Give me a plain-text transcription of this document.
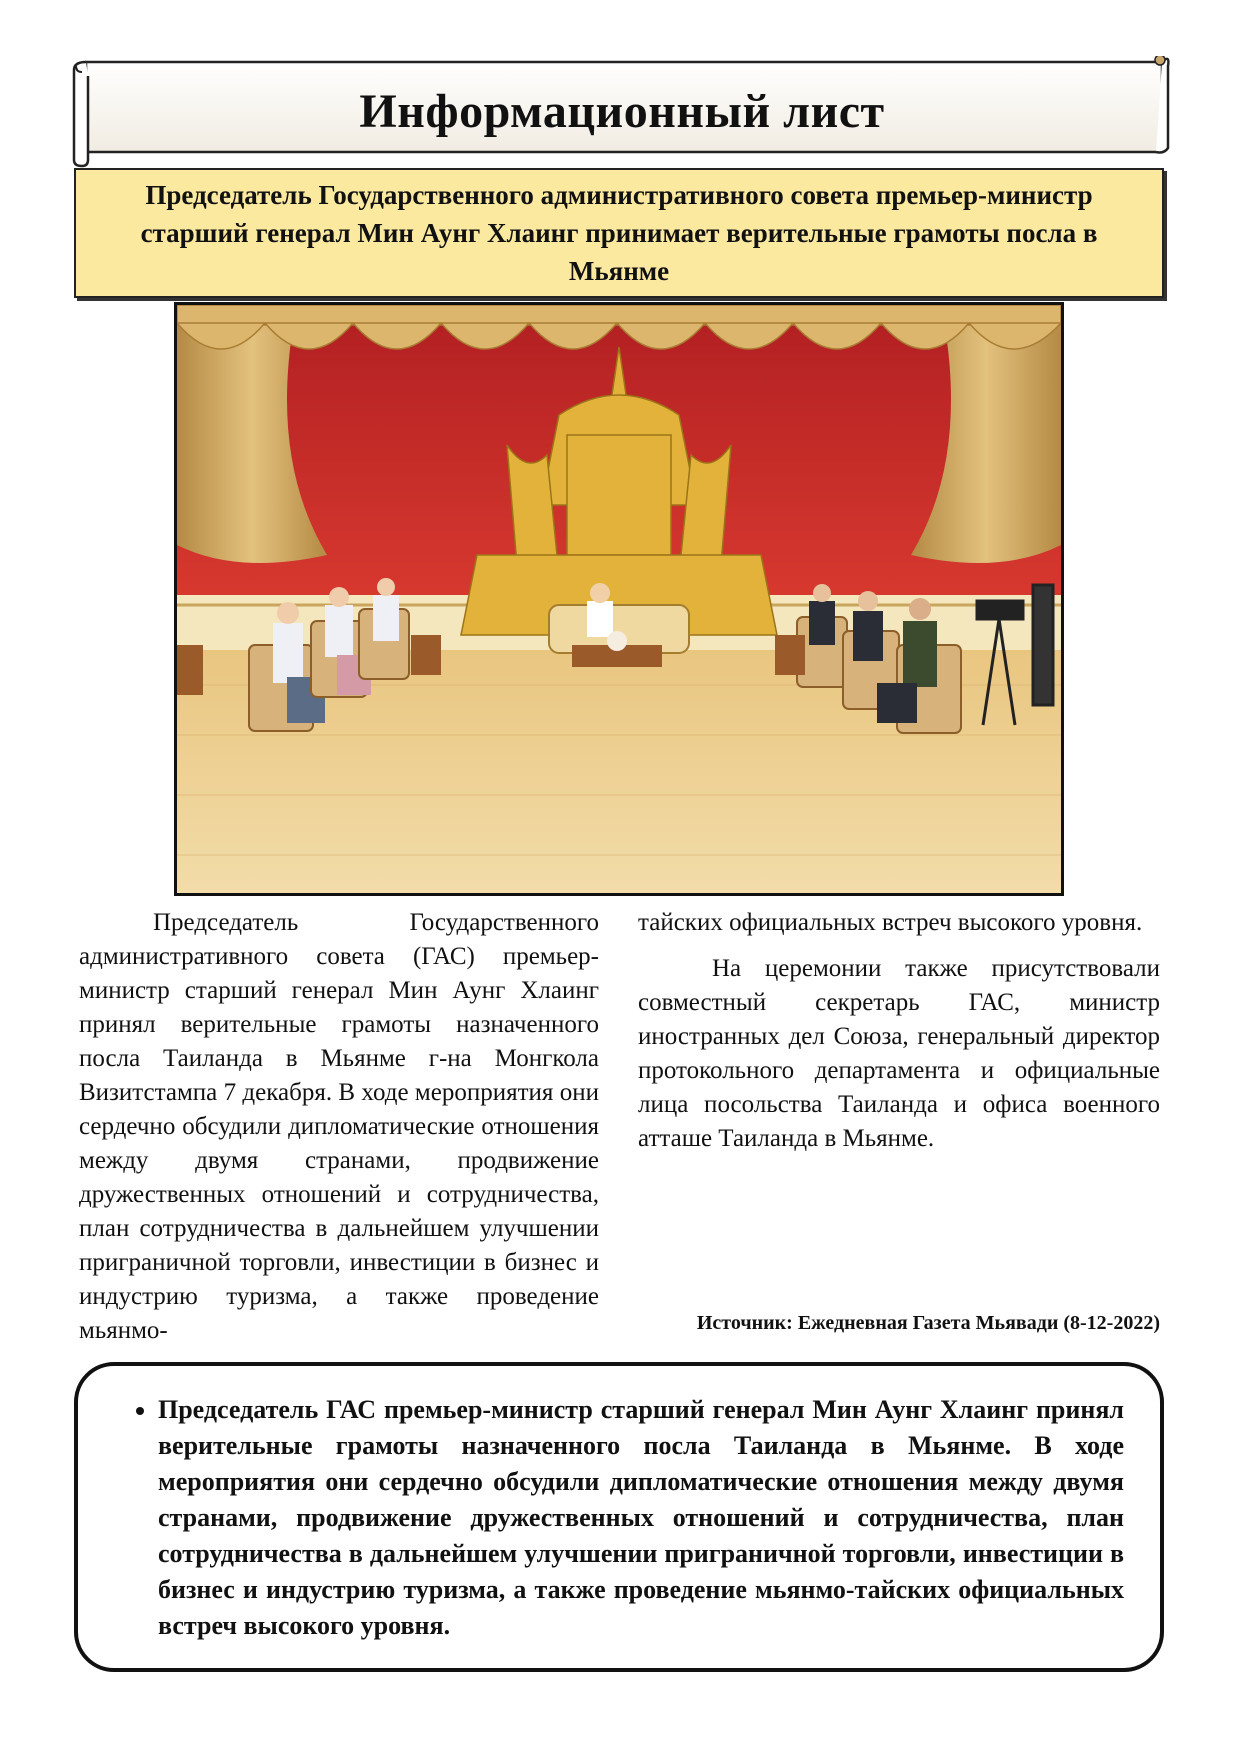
Информационный лист
Председатель Государственного административного совета премьер-министр старший генерал Мин Аунг Хлаинг принимает верительные грамоты посла в Мьянме

Председатель Государственного административного совета (ГАС) премьер-министр старший генерал Мин Аунг Хлаинг принял верительные грамоты назначенного посла Таиланда в Мьянме г-на Монгкола Визитстампа 7 декабря. В ходе мероприятия они сердечно обсудили дипломатические отношения между двумя странами, продвижение дружественных отношений и сотрудничества, план сотрудничества в дальнейшем улучшении приграничной торговли, инвестиции в бизнес и индустрию туризма, а также проведение мьянмо-

тайских официальных встреч высокого уровня.

На церемонии также присутствовали совместный секретарь ГАС, министр иностранных дел Союза, генеральный директор протокольного департамента и официальные лица посольства Таиланда и офиса военного атташе Таиланда в Мьянме.

Источник: Ежедневная Газета Мьявади (8-12-2022)
• Председатель ГАС премьер-министр старший генерал Мин Аунг Хлаинг принял верительные грамоты назначенного посла Таиланда в Мьянме. В ходе мероприятия они сердечно обсудили дипломатические отношения между двумя странами, продвижение дружественных отношений и сотрудничества, план сотрудничества в дальнейшем улучшении приграничной торговли, инвестиции в бизнес и индустрию туризма, а также проведение мьянмо-тайских официальных встреч высокого уровня.
